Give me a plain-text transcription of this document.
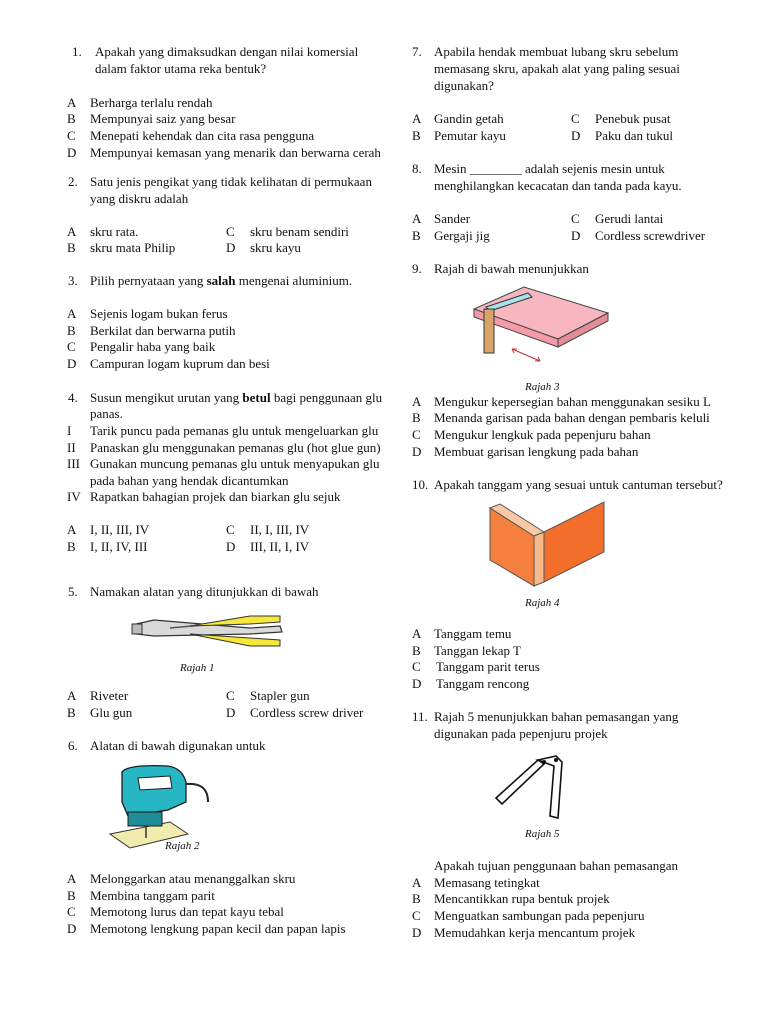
1. Apakah yang dimaksudkan dengan nilai komersial
dalam faktor utama reka bentuk?
A Berharga terlalu rendah
B Mempunyai saiz yang besar
C Menepati kehendak dan cita rasa pengguna
D Mempunyai kemasan yang menarik dan berwarna cerah
2. Satu jenis pengikat yang tidak kelihatan di permukaan
yang diskru adalah
A skru rata.
B skru mata Philip
C skru benam sendiri
D skru kayu
3. Pilih pernyataan yang salah mengenai aluminium.
A Sejenis logam bukan ferus
B Berkilat dan berwarna putih
C Pengalir haba yang baik
D Campuran logam kuprum dan besi
4. Susun mengikut urutan yang betul bagi penggunaan glu
panas.
I Tarik puncu pada pemanas glu untuk mengeluarkan glu
II Panaskan glu menggunakan pemanas glu (hot glue gun)
III Gunakan muncung pemanas glu untuk menyapukan glu
pada bahan yang hendak dicantumkan
IV Rapatkan bahagian projek dan biarkan glu sejuk
A I, II, III, IV
B I, II, IV, III
C II, I, III, IV
D III, II, I, IV
5. Namakan alatan yang ditunjukkan di bawah
Rajah 1
A Riveter
B Glu gun
C Stapler gun
D Cordless screw driver
6. Alatan di bawah digunakan untuk
Rajah 2
A Melonggarkan atau menanggalkan skru
B Membina tanggam parit
C Memotong lurus dan tepat kayu tebal
D Memotong lengkung papan kecil dan papan lapis
7. Apabila hendak membuat lubang skru sebelum
memasang skru, apakah alat yang paling sesuai
digunakan?
A Gandin getah
B Pemutar kayu
C Penebuk pusat
D Paku dan tukul
8. Mesin ________ adalah sejenis mesin untuk
menghilangkan kecacatan dan tanda pada kayu.
A Sander
B Gergaji jig
C Gerudi lantai
D Cordless screwdriver
9. Rajah di bawah menunjukkan
Rajah 3
A Mengukur kepersegian bahan menggunakan sesiku L
B Menanda garisan pada bahan dengan pembaris keluli
C Mengukur lengkuk pada pepenjuru bahan
D Membuat garisan lengkung pada bahan
10. Apakah tanggam yang sesuai untuk cantuman tersebut?
Rajah 4
A Tanggam temu
B Tanggan lekap T
C Tanggam parit terus
D Tanggam rencong
11. Rajah 5 menunjukkan bahan pemasangan yang
digunakan pada pepenjuru projek
Rajah 5
Apakah tujuan penggunaan bahan pemasangan
A Memasang tetingkat
B Mencantikkan rupa bentuk projek
C Menguatkan sambungan pada pepenjuru
D Memudahkan kerja mencantum projek
